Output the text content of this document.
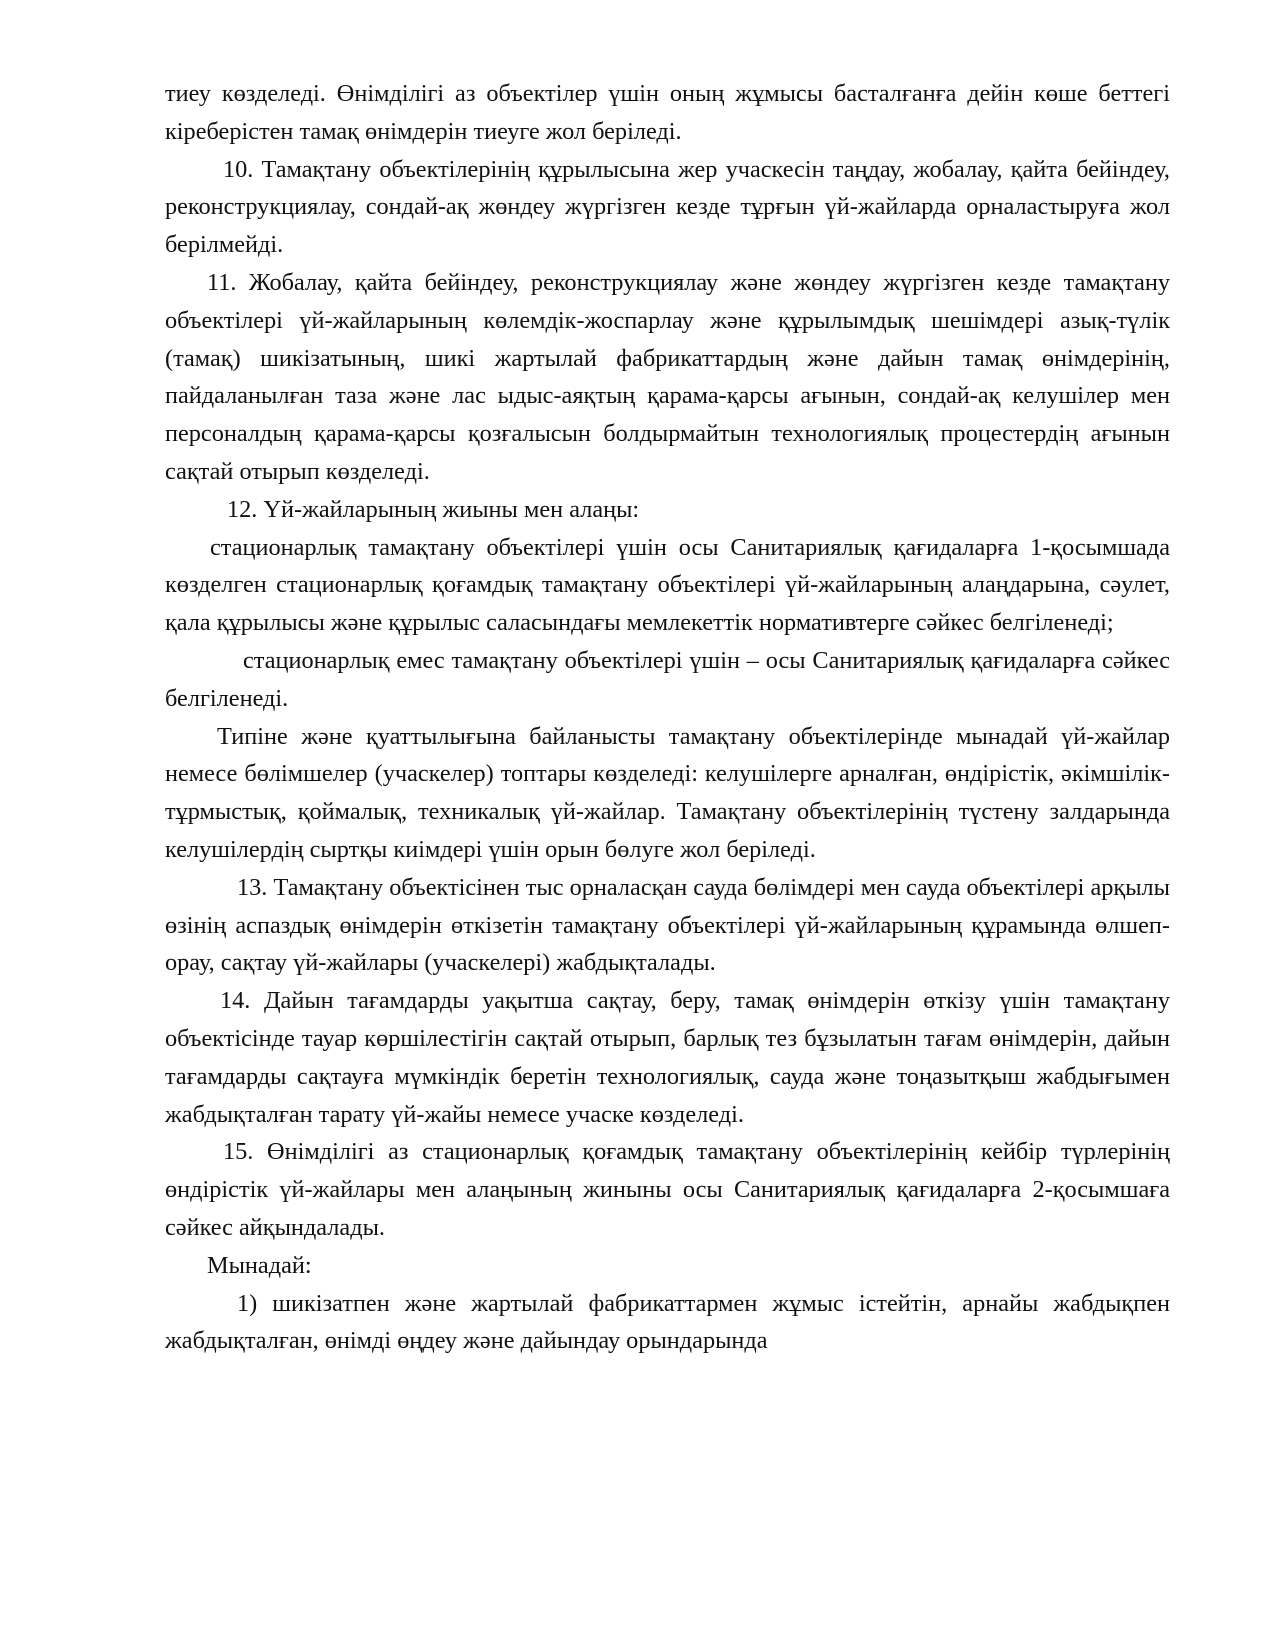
тиеу көзделеді. Өнімділігі аз объектілер үшін оның жұмысы басталғанға дейін көше беттегі кіреберістен тамақ өнімдерін тиеуге жол беріледі.

10. Тамақтану объектілерінің құрылысына жер учаскесін таңдау, жобалау, қайта бейіндеу, реконструкциялау, сондай-ақ жөндеу жүргізген кезде тұрғын үй-жайларда орналастыруға жол берілмейді.

11. Жобалау, қайта бейіндеу, реконструкциялау және жөндеу жүргізген кезде тамақтану объектілері үй-жайларының көлемдік-жоспарлау және құрылымдық шешімдері азық-түлік (тамақ) шикізатының, шикі жартылай фабрикаттардың және дайын тамақ өнімдерінің, пайдаланылған таза және лас ыдыс-аяқтың қарама-қарсы ағынын, сондай-ақ келушілер мен персоналдың қарама-қарсы қозғалысын болдырмайтын технологиялық процестердің ағынын сақтай отырып көзделеді.

12. Үй-жайларының жиыны мен алаңы:

стационарлық тамақтану объектілері үшін осы Санитариялық қағидаларға 1-қосымшада көзделген стационарлық қоғамдық тамақтану объектілері үй-жайларының алаңдарына, сәулет, қала құрылысы және құрылыс саласындағы мемлекеттік нормативтерге сәйкес белгіленеді;

стационарлық емес тамақтану объектілері үшін – осы Санитариялық қағидаларға сәйкес белгіленеді.

Типіне және қуаттылығына байланысты тамақтану объектілерінде мынадай үй-жайлар немесе бөлімшелер (учаскелер) топтары көзделеді: келушілерге арналған, өндірістік, әкімшілік-тұрмыстық, қоймалық, техникалық үй-жайлар. Тамақтану объектілерінің түстену залдарында келушілердің сыртқы киімдері үшін орын бөлуге жол беріледі.

13. Тамақтану объектісінен тыс орналасқан сауда бөлімдері мен сауда объектілері арқылы өзінің аспаздық өнімдерін өткізетін тамақтану объектілері үй-жайларының құрамында өлшеп-орау, сақтау үй-жайлары (учаскелері) жабдықталады.

14. Дайын тағамдарды уақытша сақтау, беру, тамақ өнімдерін өткізу үшін тамақтану объектісінде тауар көршілестігін сақтай отырып, барлық тез бұзылатын тағам өнімдерін, дайын тағамдарды сақтауға мүмкіндік беретін технологиялық, сауда және тоңазытқыш жабдығымен жабдықталған тарату үй-жайы немесе учаске көзделеді.

15. Өнімділігі аз стационарлық қоғамдық тамақтану объектілерінің кейбір түрлерінің өндірістік үй-жайлары мен алаңының жиныны осы Санитариялық қағидаларға 2-қосымшаға сәйкес айқындалады.

Мынадай:

1) шикізатпен және жартылай фабрикаттармен жұмыс істейтін, арнайы жабдықпен жабдықталған, өнімді өңдеу және дайындау орындарында
